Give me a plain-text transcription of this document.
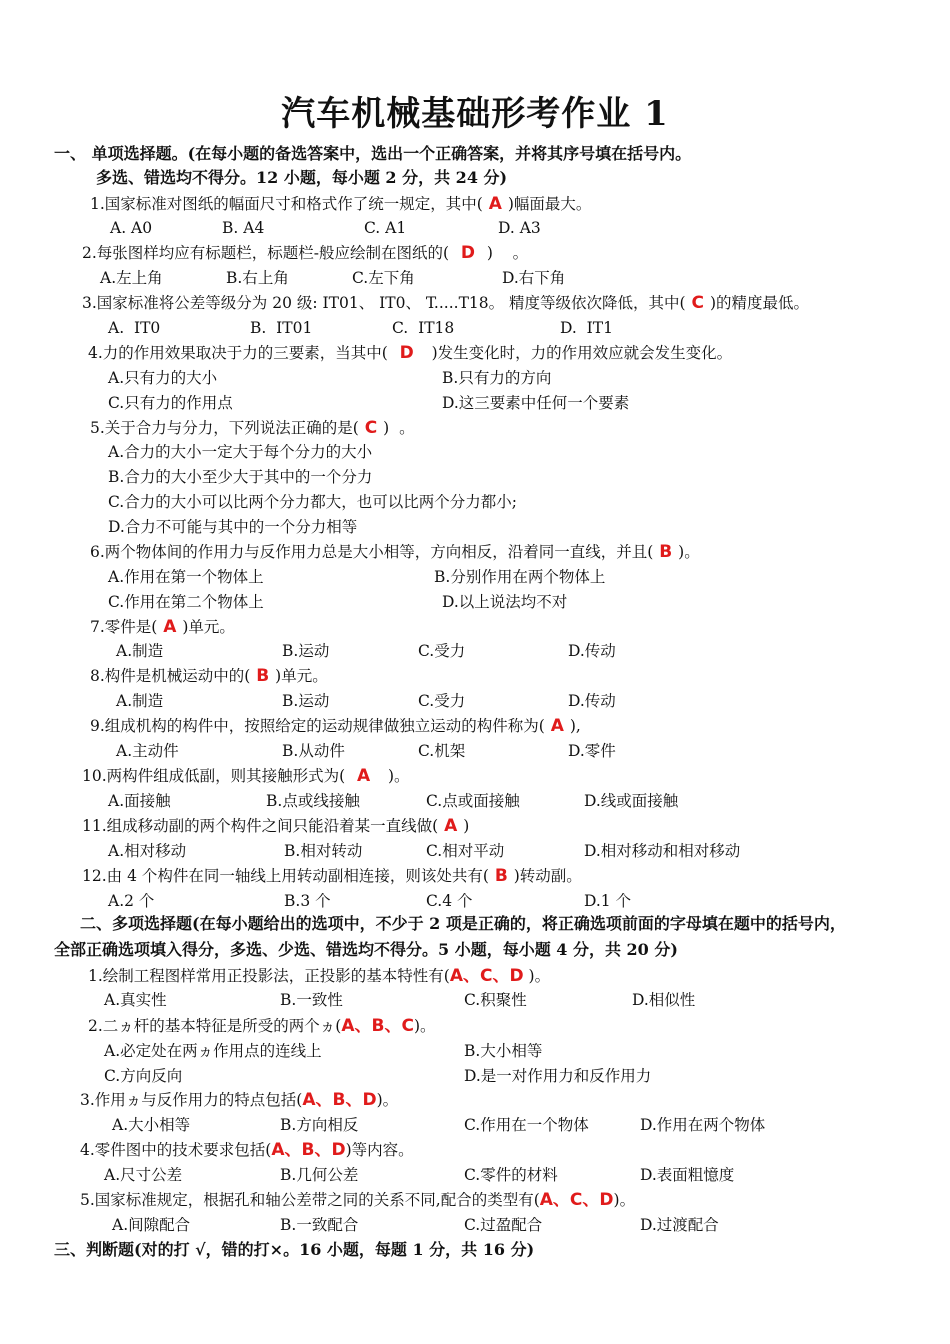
汽车机械基础形考作业 1
一、 单项选择题。(在每小题的备选答案中，选出一个正确答案，并将其序号填在括号内。
多选、错选均不得分。12 小题，每小题 2 分，共 24 分)
1.国家标准对图纸的幅面尺寸和格式作了统一规定，其中( A )幅面最大。
A. A0	B. A4	C. A1	D. A3
2.每张图样均应有标题栏，标题栏-般应绘制在图纸的(  D  )    。
A.左上角	B.右上角	C.左下角	D.右下角
3.国家标准将公差等级分为 20 级: IT01、 IT0、 T.....T18。 精度等级依次降低，其中( C )的精度最低。
A.  IT0	B.  IT01	C.  IT18	D.  IT1
4.力的作用效果取决于力的三要素，当其中(  D   )发生变化时，力的作用效应就会发生变化。
A.只有力的大小	B.只有力的方向
C.只有力的作用点	D.这三要素中任何一个要素
5.关于合力与分力，下列说法正确的是( C )  。
A.合力的大小一定大于每个分力的大小
B.合力的大小至少大于其中的一个分力
C.合力的大小可以比两个分力都大，也可以比两个分力都小;
D.合力不可能与其中的一个分力相等
6.两个物体间的作用力与反作用力总是大小相等，方向相反，沿着同一直线，并且( B )。
A.作用在第一个物体上	B.分别作用在两个物体上
C.作用在第二个物体上	D.以上说法均不对
7.零件是( A )单元。
A.制造	B.运动	C.受力	D.传动
8.构件是机械运动中的( B )单元。
A.制造	B.运动	C.受力	D.传动
9.组成机构的构件中，按照给定的运动规律做独立运动的构件称为( A ),
A.主动件	B.从动件	C.机架	D.零件
10.两构件组成低副，则其接触形式为(  A   )。
A.面接触	B.点或线接触	C.点或面接触	D.线或面接触
11.组成移动副的两个构件之间只能沿着某一直线做( A )
A.相对移动	B.相对转动	C.相对平动	D.相对移动和相对移动
12.由 4 个构件在同一轴线上用转动副相连接，则该处共有( B )转动副。
A.2 个	B.3 个	C.4 个	D.1 个
二、多项选择题(在每小题给出的选项中，不少于 2 项是正确的，将正确选项前面的字母填在题中的括号内，
全部正确选项填入得分，多选、少选、错选均不得分。5 小题，每小题 4 分，共 20 分)
1.绘制工程图样常用正投影法，正投影的基本特性有(A、C、D )。
A.真实性	B.一致性	C.积聚性	D.相似性
2.二ヵ杆的基本特征是所受的两个ヵ(A、B、C)。
A.必定处在两ヵ作用点的连线上	B.大小相等
C.方向反向	D.是一对作用力和反作用力
3.作用ヵ与反作用力的特点包括(A、B、D)。
A.大小相等	B.方向相反	C.作用在一个物体	D.作用在两个物体
4.零件图中的技术要求包括(A、B、D)等内容。
A.尺寸公差	B.几何公差	C.零件的材料	D.表面粗憶度
5.国家标准规定，根据孔和轴公差带之同的关系不同,配合的类型有(A、C、D)。
A.间隙配合	B.一致配合	C.过盈配合	D.过渡配合
三、判断题(对的打 √，错的打×。16 小题，每题 1 分，共 16 分)
